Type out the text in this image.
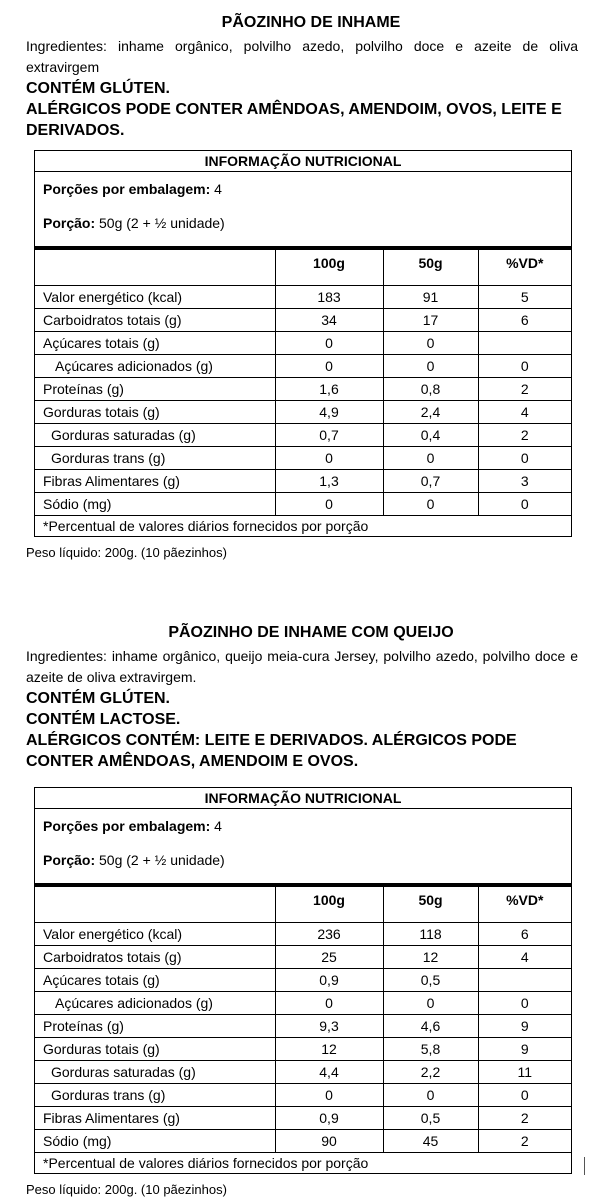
PÃOZINHO DE INHAME
Ingredientes: inhame orgânico, polvilho azedo, polvilho doce e azeite de oliva extravirgem
CONTÉM GLÚTEN.
ALÉRGICOS PODE CONTER AMÊNDOAS, AMENDOIM, OVOS, LEITE E DERIVADOS.
INFORMAÇÃO NUTRICIONAL
Porções por embalagem: 4
Porção: 50g (2 + ½ unidade)
	100g	50g	%VD*
Valor energético (kcal)	183	91	5
Carboidratos totais (g)	34	17	6
Açúcares totais (g)	0	0	
Açúcares adicionados (g)	0	0	0
Proteínas (g)	1,6	0,8	2
Gorduras totais (g)	4,9	2,4	4
Gorduras saturadas (g)	0,7	0,4	2
Gorduras trans (g)	0	0	0
Fibras Alimentares (g)	1,3	0,7	3
Sódio (mg)	0	0	0
*Percentual de valores diários fornecidos por porção
Peso líquido: 200g. (10 pãezinhos)
PÃOZINHO DE INHAME COM QUEIJO
Ingredientes: inhame orgânico, queijo meia-cura Jersey, polvilho azedo, polvilho doce e azeite de oliva extravirgem.
CONTÉM GLÚTEN.
CONTÉM LACTOSE.
ALÉRGICOS CONTÉM: LEITE E DERIVADOS. ALÉRGICOS PODE CONTER AMÊNDOAS, AMENDOIM E OVOS.
INFORMAÇÃO NUTRICIONAL
Porções por embalagem: 4
Porção: 50g (2 + ½ unidade)
	100g	50g	%VD*
Valor energético (kcal)	236	118	6
Carboidratos totais (g)	25	12	4
Açúcares totais (g)	0,9	0,5	
Açúcares adicionados (g)	0	0	0
Proteínas (g)	9,3	4,6	9
Gorduras totais (g)	12	5,8	9
Gorduras saturadas (g)	4,4	2,2	11
Gorduras trans (g)	0	0	0
Fibras Alimentares (g)	0,9	0,5	2
Sódio (mg)	90	45	2
*Percentual de valores diários fornecidos por porção
Peso líquido: 200g. (10 pãezinhos)
